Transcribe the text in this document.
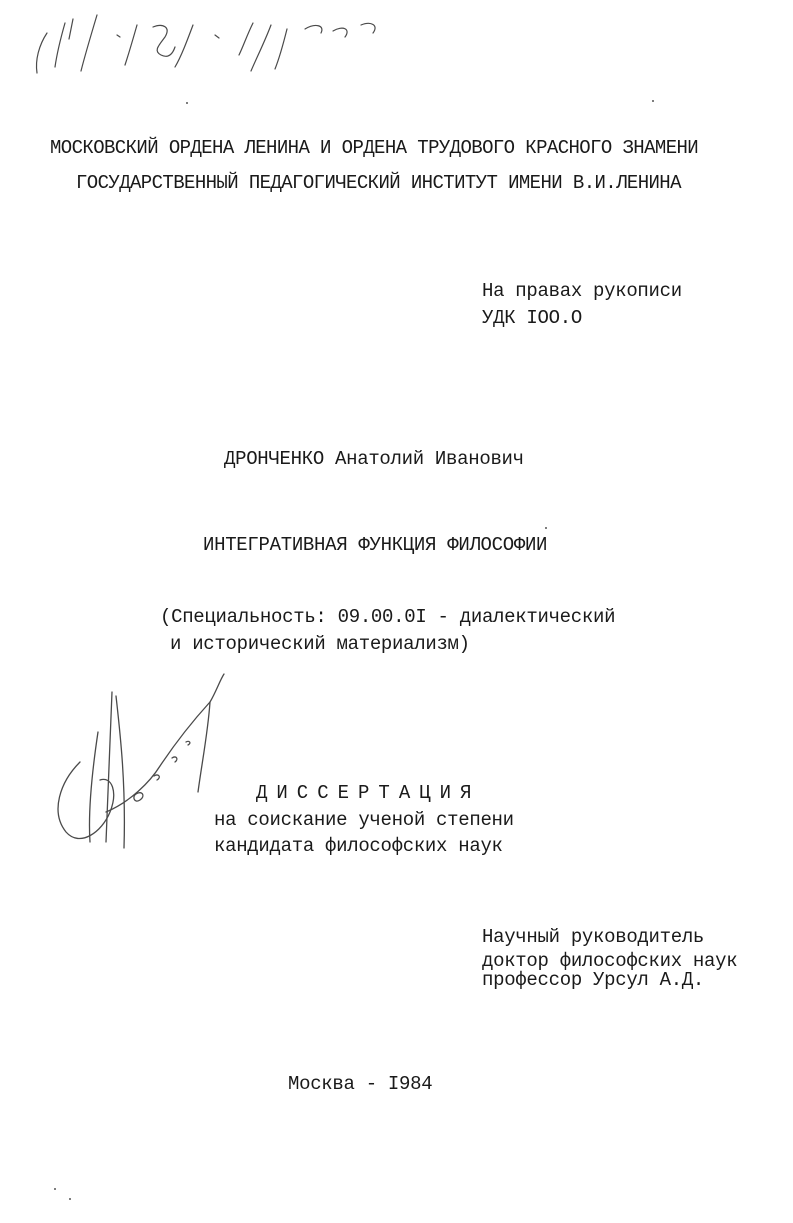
МОСКОВСКИЙ ОРДЕНА ЛЕНИНА И ОРДЕНА ТРУДОВОГО КРАСНОГО ЗНАМЕНИ
ГОСУДАРСТВЕННЫЙ ПЕДАГОГИЧЕСКИЙ ИНСТИТУТ ИМЕНИ В.И.ЛЕНИНА
На правах рукописи
УДК IOO.O
ДРОНЧЕНКО Анатолий Иванович
ИНТЕГРАТИВНАЯ ФУНКЦИЯ ФИЛОСОФИИ
(Специальность: 09.00.0I - диалектический
и исторический материализм)
ДИССЕРТАЦИЯ
на соискание ученой степени
кандидата философских наук
Научный руководитель
доктор философских наук
профессор Урсул А.Д.
Москва - I984
